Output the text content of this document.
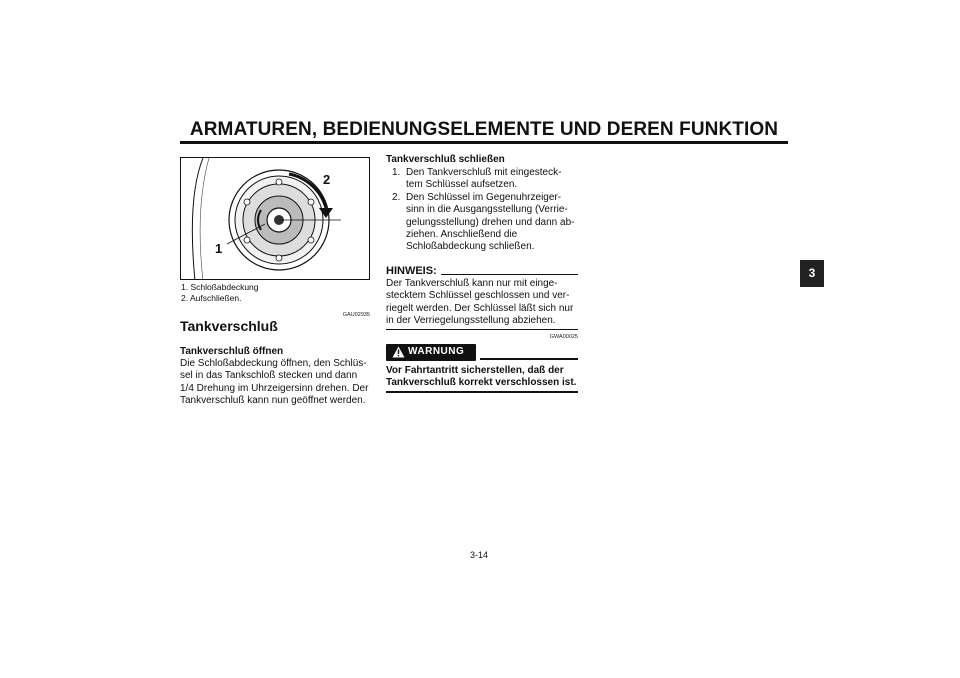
ARMATUREN, BEDIENUNGSELEMENTE UND DEREN FUNKTION
3
1
2
1. Schloßabdeckung
2. Aufschließen.
GAU02935
Tankverschluß
Tankverschluß öffnen
Die Schloßabdeckung öffnen, den Schlüs-
sel in das Tankschloß stecken und dann
1/4 Drehung im Uhrzeigersinn drehen. Der
Tankverschluß kann nun geöffnet werden.
Tankverschluß schließen
1. Den Tankverschluß mit eingesteck-
tem Schlüssel aufsetzen.
2. Den Schlüssel im Gegenuhrzeiger-
sinn in die Ausgangsstellung (Verrie-
gelungsstellung) drehen und dann ab-
ziehen. Anschließend die
Schloßabdeckung schließen.
HINWEIS:
Der Tankverschluß kann nur mit einge-
stecktem Schlüssel geschlossen und ver-
riegelt werden. Der Schlüssel läßt sich nur
in der Verriegelungsstellung abziehen.
GWA00025
WARNUNG
Vor Fahrtantritt sicherstellen, daß der
Tankverschluß korrekt verschlossen ist.
3-14
